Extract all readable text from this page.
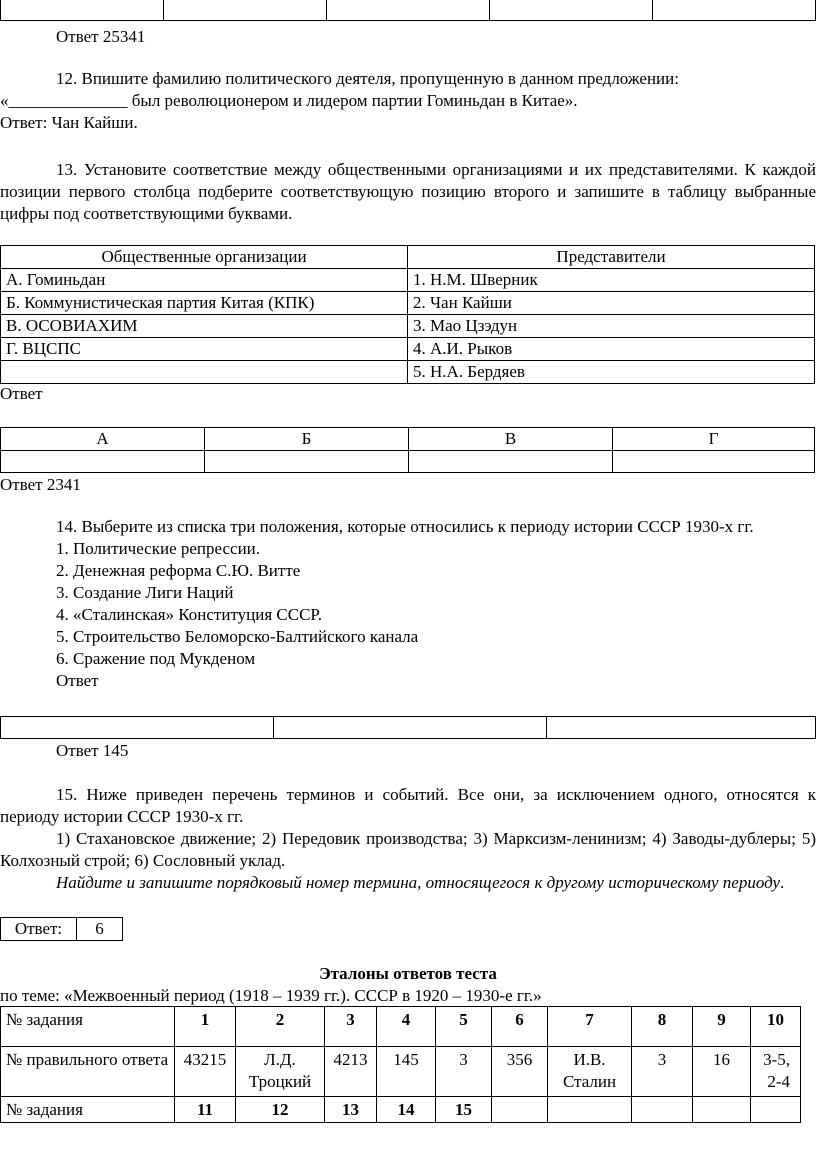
Ответ 25341

12. Впишите фамилию политического деятеля, пропущенную в данном предложении:

«______________ был революционером и лидером партии Гоминьдан в Китае».

Ответ: Чан Кайши.

13. Установите соответствие между общественными организациями и их представителями. К каждой позиции первого столбца подберите соответствующую позицию второго и запишите в таблицу выбранные цифры под соответствующими буквами.

Общественные организации	Представители
А. Гоминьдан	1. Н.М. Шверник
Б. Коммунистическая партия Китая (КПК)	2. Чан Кайши
В. ОСОВИАХИМ	3. Мао Цзэдун
Г. ВЦСПС	4. А.И. Рыков
	5. Н.А. Бердяев
Ответ
А	Б	В	Г

Ответ 2341

14. Выберите из списка три положения, которые относились к периоду истории СССР 1930-х гг.

1. Политические репрессии.

2. Денежная реформа С.Ю. Витте

3. Создание Лиги Наций

4. «Сталинская» Конституция СССР.

5. Строительство Беломорско-Балтийского канала

6. Сражение под Мукденом

Ответ

Ответ 145

15. Ниже приведен перечень терминов и событий. Все они, за исключением одного, относятся к периоду истории СССР 1930-х гг.

1) Стахановское движение; 2) Передовик производства; 3) Марксизм-ленинизм; 4) Заводы-дублеры; 5) Колхозный строй; 6) Сословный уклад.

Найдите и запишите порядковый номер термина, относящегося к другому историческому периоду.

Ответ:	6
Эталоны ответов теста
по теме: «Межвоенный период (1918 – 1939 гг.). СССР в 1920 – 1930-е гг.»
№ задания	1	2	3	4	5	6	7	8	9	10
№ правильного ответа	43215	Л.Д. Троцкий	4213	145	3	356	И.В. Сталин	3	16	3-5, 2-4
№ задания	11	12	13	14	15					
